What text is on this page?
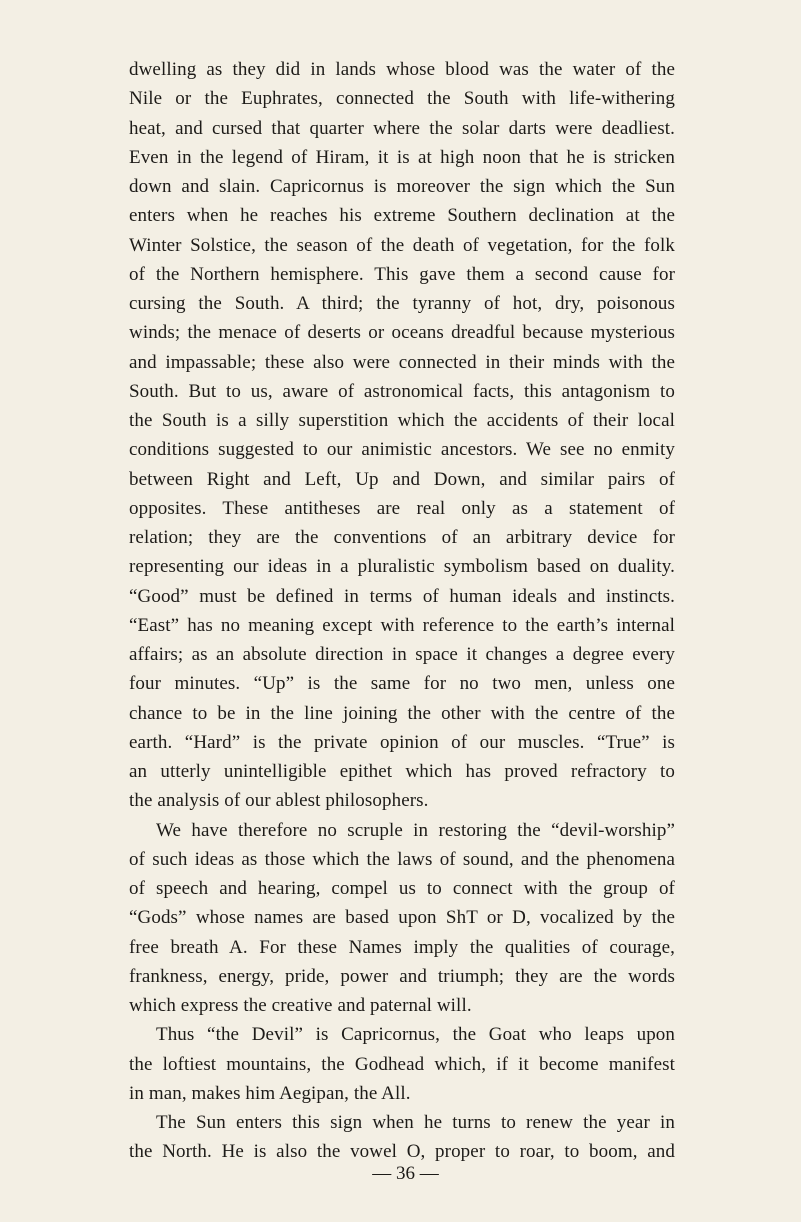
dwelling as they did in lands whose blood was the water of the
Nile or the Euphrates, connected the South with life-withering
heat, and cursed that quarter where the solar darts were deadliest.
Even in the legend of Hiram, it is at high noon that he is stricken
down and slain. Capricornus is moreover the sign which the Sun
enters when he reaches his extreme Southern declination at the
Winter Solstice, the season of the death of vegetation, for the folk
of the Northern hemisphere. This gave them a second cause for
cursing the South. A third; the tyranny of hot, dry, poisonous
winds; the menace of deserts or oceans dreadful because mysterious
and impassable; these also were connected in their minds with the
South. But to us, aware of astronomical facts, this antagonism to
the South is a silly superstition which the accidents of their local
conditions suggested to our animistic ancestors. We see no enmity
between Right and Left, Up and Down, and similar pairs of
opposites. These antitheses are real only as a statement of
relation; they are the conventions of an arbitrary device for
representing our ideas in a pluralistic symbolism based on duality.
“Good” must be defined in terms of human ideals and instincts.
“East” has no meaning except with reference to the earth’s internal
affairs; as an absolute direction in space it changes a degree every
four minutes. “Up” is the same for no two men, unless one
chance to be in the line joining the other with the centre of the
earth. “Hard” is the private opinion of our muscles. “True” is
an utterly unintelligible epithet which has proved refractory to
the analysis of our ablest philosophers.
We have therefore no scruple in restoring the “devil-worship”
of such ideas as those which the laws of sound, and the phenomena
of speech and hearing, compel us to connect with the group of
“Gods” whose names are based upon ShT or D, vocalized by the
free breath A. For these Names imply the qualities of courage,
frankness, energy, pride, power and triumph; they are the words
which express the creative and paternal will.
Thus “the Devil” is Capricornus, the Goat who leaps upon
the loftiest mountains, the Godhead which, if it become manifest
in man, makes him Aegipan, the All.
The Sun enters this sign when he turns to renew the year in
the North. He is also the vowel O, proper to roar, to boom, and
— 36 —
